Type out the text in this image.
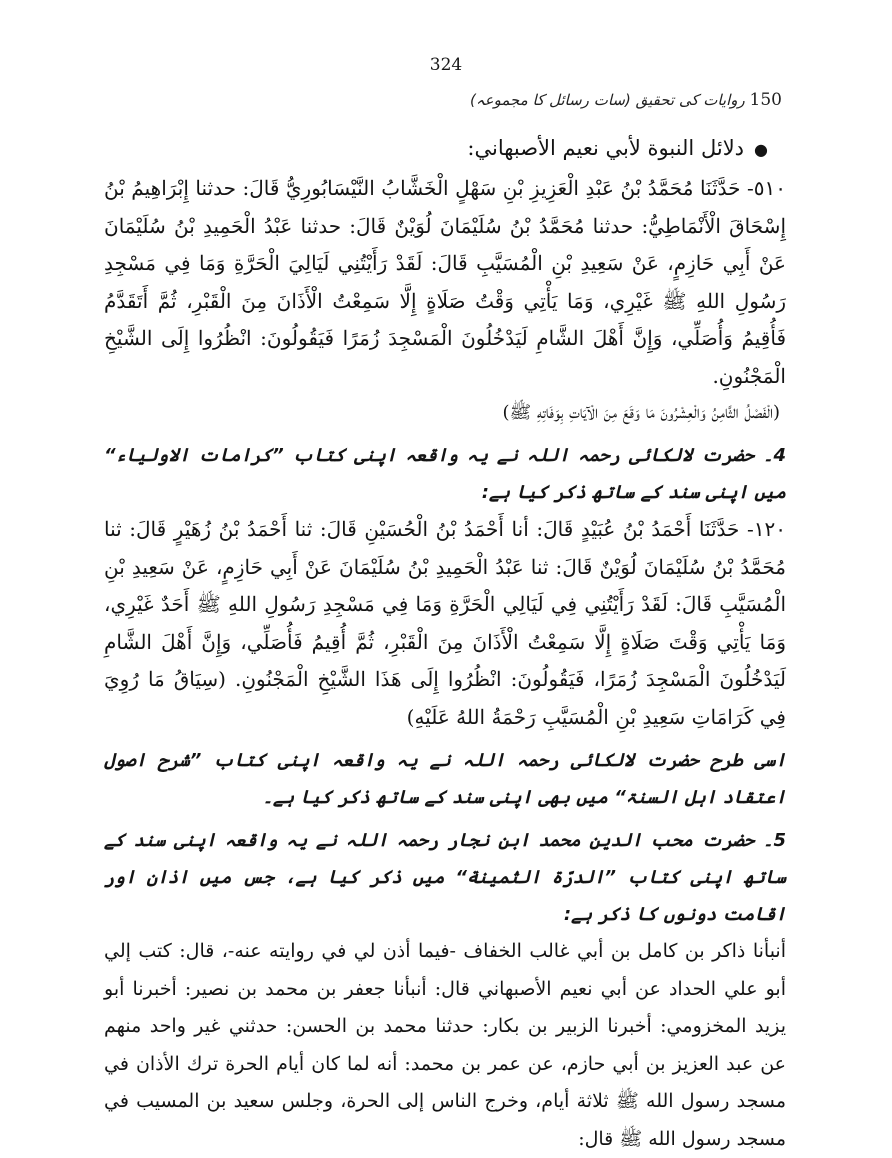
324
150 روایات کی تحقیق (سات رسائل کا مجموعہ)

●دلائل النبوة لأبي نعيم الأصبهاني:

٥١٠- حَدَّثَنَا مُحَمَّدُ بْنُ عَبْدِ الْعَزِيزِ بْنِ سَهْلٍ الْخَشَّابُ النَّيْسَابُورِيُّ قَالَ: حدثنا إِبْرَاهِيمُ بْنُ إِسْحَاقَ الْأَنْمَاطِيُّ: حدثنا مُحَمَّدُ بْنُ سُلَيْمَانَ لُوَيْنٌ قَالَ: حدثنا عَبْدُ الْحَمِيدِ بْنُ سُلَيْمَانَ عَنْ أَبِي حَازِمٍ، عَنْ سَعِيدِ بْنِ الْمُسَيَّبِ قَالَ: لَقَدْ رَأَيْتُنِي لَيَالِيَ الْحَرَّةِ وَمَا فِي مَسْجِدِ رَسُولِ اللهِ ﷺ غَيْرِي، وَمَا يَأْتِي وَقْتُ صَلَاةٍ إِلَّا سَمِعْتُ الْأَذَانَ مِنَ الْقَبْرِ، ثُمَّ أَتَقَدَّمُ فَأُقِيمُ وَأُصَلِّي، وَإِنَّ أَهْلَ الشَّامِ لَيَدْخُلُونَ الْمَسْجِدَ زُمَرًا فَيَقُولُونَ: انْظُرُوا إِلَى الشَّيْخِ الْمَجْنُونِ.

(الْفَصْلُ الثَّامِنُ وَالْعِشْرُونَ مَا وَقَعَ مِنَ الْآيَاتِ بِوَفَاتِهِ ﷺ)

4۔ حضرت لالکائی رحمہ اللہ نے یہ واقعہ اپنی کتاب ”کرامات الاولیاء“ میں اپنی سند کے ساتھ ذکر کیا ہے:

١٢٠- حَدَّثَنَا أَحْمَدُ بْنُ عُبَيْدٍ قَالَ: أنا أَحْمَدُ بْنُ الْحُسَيْنِ قَالَ: ثنا أَحْمَدُ بْنُ زُهَيْرٍ قَالَ: ثنا مُحَمَّدُ بْنُ سُلَيْمَانَ لُوَيْنٌ قَالَ: ثنا عَبْدُ الْحَمِيدِ بْنُ سُلَيْمَانَ عَنْ أَبِي حَازِمٍ، عَنْ سَعِيدِ بْنِ الْمُسَيَّبِ قَالَ: لَقَدْ رَأَيْتُنِي فِي لَيَالِي الْحَرَّةِ وَمَا فِي مَسْجِدِ رَسُولِ اللهِ ﷺ أَحَدٌ غَيْرِي، وَمَا يَأْتِي وَقْتَ صَلَاةٍ إِلَّا سَمِعْتُ الْأَذَانَ مِنَ الْقَبْرِ، ثُمَّ أُقِيمُ فَأُصَلِّي، وَإِنَّ أَهْلَ الشَّامِ لَيَدْخُلُونَ الْمَسْجِدَ زُمَرًا، فَيَقُولُونَ: انْظُرُوا إِلَى هَذَا الشَّيْخِ الْمَجْنُونِ. (سِيَاقُ مَا رُوِيَ فِي كَرَامَاتِ سَعِيدِ بْنِ الْمُسَيَّبِ رَحْمَةُ اللهُ عَلَيْهِ)

اسی طرح حضرت لالکائی رحمہ اللہ نے یہ واقعہ اپنی کتاب ”شرح اصول اعتقاد اہل السنۃ“ میں بھی اپنی سند کے ساتھ ذکر کیا ہے۔

5۔ حضرت محب الدین محمد ابن نجار رحمہ اللہ نے یہ واقعہ اپنی سند کے ساتھ اپنی کتاب ”الدرّة الثمینة“ میں ذکر کیا ہے، جس میں اذان اور اقامت دونوں کا ذکر ہے:

أنبأنا ذاكر بن كامل بن أبي غالب الخفاف -فيما أذن لي في روايته عنه-، قال: كتب إلي أبو علي الحداد عن أبي نعيم الأصبهاني قال: أنبأنا جعفر بن محمد بن نصير: أخبرنا أبو يزيد المخزومي: أخبرنا الزبير بن بكار: حدثنا محمد بن الحسن: حدثني غير واحد منهم عن عبد العزيز بن أبي حازم، عن عمر بن محمد: أنه لما كان أيام الحرة ترك الأذان في مسجد رسول الله ﷺ ثلاثة أيام، وخرج الناس إلى الحرة، وجلس سعيد بن المسيب في مسجد رسول الله ﷺ قال:
